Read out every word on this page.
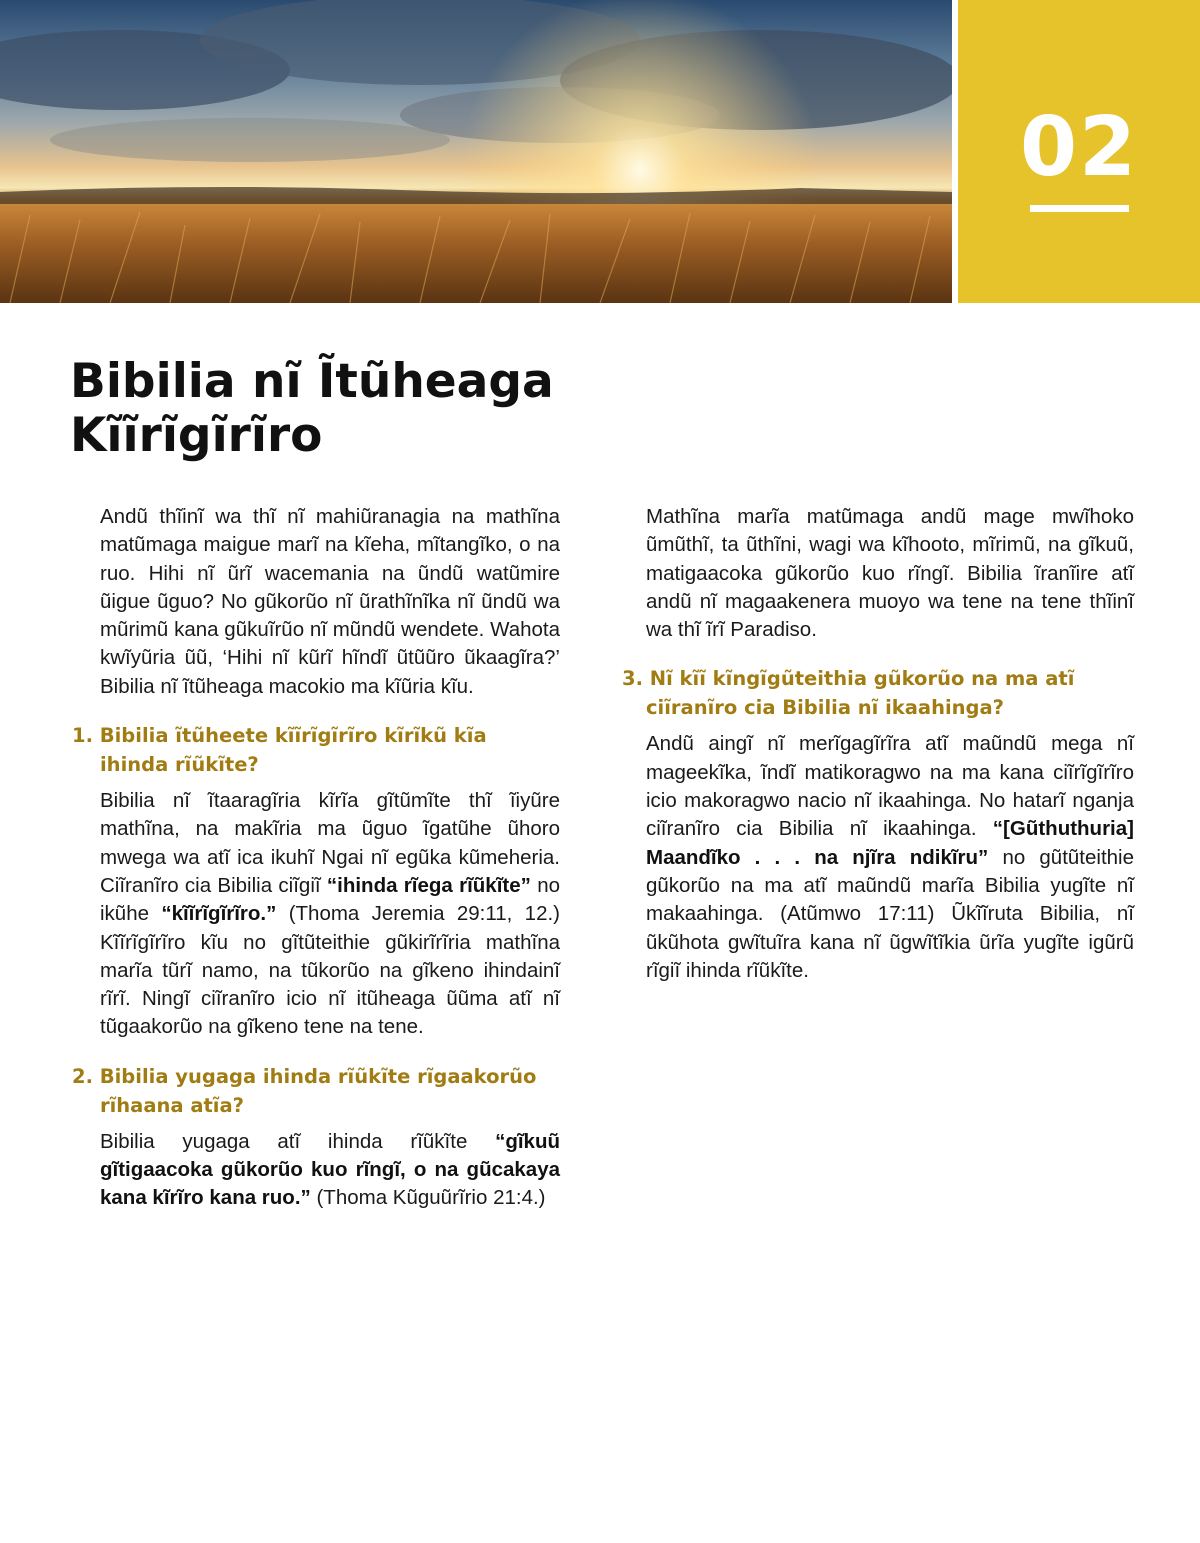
02
Bibilia nĩ Ĩtũheaga
Kĩĩrĩgĩrĩro

Andũ thĩinĩ wa thĩ nĩ mahiũranagia na mathĩna matũmaga maigue marĩ na kĩeha, mĩtangĩko, o na ruo. Hihi nĩ ũrĩ wacemania na ũndũ watũmire ũigue ũguo? No gũkorũo nĩ ũrathĩnĩka nĩ ũndũ wa mũrimũ kana gũkuĩrũo nĩ mũndũ wendete. Wahota kwĩyũria ũũ, ‘Hihi nĩ kũrĩ hĩndĩ ũtũũro ũkaagĩra?’ Bibilia nĩ ĩtũheaga macokio ma kĩũria kĩu.

1. Bibilia ĩtũheete kĩĩrĩgĩrĩro kĩrĩkũ kĩa ihinda rĩũkĩte?

Bibilia nĩ ĩtaaragĩria kĩrĩa gĩtũmĩte thĩ ĩiyũre mathĩna, na makĩria ma ũguo ĩgatũhe ũhoro mwega wa atĩ ica ikuhĩ Ngai nĩ egũka kũmeheria. Ciĩranĩro cia Bibilia ciĩgiĩ “ihinda rĩega rĩũkĩte” no ikũhe “kĩĩrĩgĩrĩro.” (Thoma Jeremia 29:11, 12.) Kĩĩrĩgĩrĩro kĩu no gĩtũteithie gũkirĩrĩria mathĩna marĩa tũrĩ namo, na tũkorũo na gĩkeno ihindainĩ rĩrĩ. Ningĩ ciĩranĩro icio nĩ itũheaga ũũma atĩ nĩ tũgaakorũo na gĩkeno tene na tene.

2. Bibilia yugaga ihinda rĩũkĩte rĩgaakorũo rĩhaana atĩa?

Bibilia yugaga atĩ ihinda rĩũkĩte “gĩkuũ gĩtigaacoka gũkorũo kuo rĩngĩ, o na gũcakaya kana kĩrĩro kana ruo.” (Thoma Kũguũrĩrio 21:4.)

Mathĩna marĩa matũmaga andũ mage mwĩhoko ũmũthĩ, ta ũthĩni, wagi wa kĩhooto, mĩrimũ, na gĩkuũ, matigaacoka gũkorũo kuo rĩngĩ. Bibilia ĩranĩire atĩ andũ nĩ magaakenera muoyo wa tene na tene thĩinĩ wa thĩ ĩrĩ Paradiso.

3. Nĩ kĩĩ kĩngĩgũteithia gũkorũo na ma atĩ ciĩranĩro cia Bibilia nĩ ikaahinga?

Andũ aingĩ nĩ merĩgagĩrĩra atĩ maũndũ mega nĩ mageekĩka, ĩndĩ matikoragwo na ma kana ciĩrĩgĩrĩro icio makoragwo nacio nĩ ikaahinga. No hatarĩ nganja ciĩranĩro cia Bibilia nĩ ikaahinga. “[Gũthuthuria] Maandĩko . . . na njĩra ndikĩru” no gũtũteithie gũkorũo na ma atĩ maũndũ marĩa Bibilia yugĩte nĩ makaahinga. (Atũmwo 17:11) Ũkĩĩruta Bibilia, nĩ ũkũhota gwĩtuĩra kana nĩ ũgwĩtĩkia ũrĩa yugĩte igũrũ rĩgiĩ ihinda rĩũkĩte.
